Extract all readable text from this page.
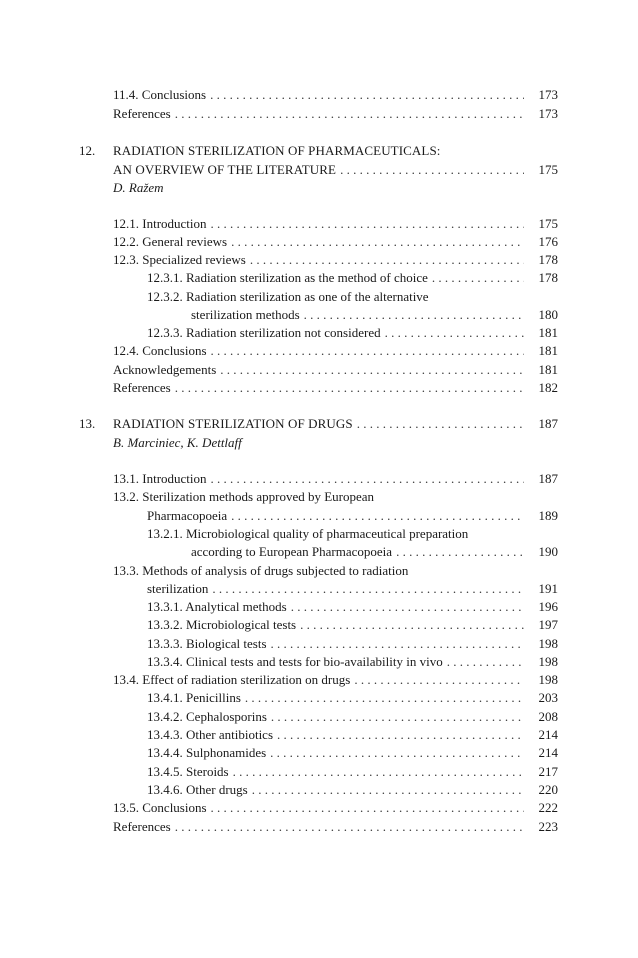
11.4. Conclusions . . .	173
References . . .	173
12.	RADIATION STERILIZATION OF PHARMACEUTICALS:
AN OVERVIEW OF THE LITERATURE . . .	175
D. Ražem
12.1. Introduction . . .	175
12.2. General reviews . . .	176
12.3. Specialized reviews . . .	178
12.3.1. Radiation sterilization as the method of choice . . .	178
12.3.2. Radiation sterilization as one of the alternative
sterilization methods . . .	180
12.3.3. Radiation sterilization not considered . . .	181
12.4. Conclusions . . .	181
Acknowledgements . . .	181
References . . .	182
13.	RADIATION STERILIZATION OF DRUGS . . .	187
B. Marciniec, K. Dettlaff
13.1. Introduction . . .	187
13.2. Sterilization methods approved by European
Pharmacopoeia . . .	189
13.2.1. Microbiological quality of pharmaceutical preparation
according to European Pharmacopoeia . . .	190
13.3. Methods of analysis of drugs subjected to radiation
sterilization . . .	191
13.3.1. Analytical methods . . .	196
13.3.2. Microbiological tests . . .	197
13.3.3. Biological tests . . .	198
13.3.4. Clinical tests and tests for bio-availability in vivo . . .	198
13.4. Effect of radiation sterilization on drugs . . .	198
13.4.1. Penicillins . . .	203
13.4.2. Cephalosporins . . .	208
13.4.3. Other antibiotics . . .	214
13.4.4. Sulphonamides . . .	214
13.4.5. Steroids . . .	217
13.4.6. Other drugs . . .	220
13.5. Conclusions . . .	222
References . . .	223
